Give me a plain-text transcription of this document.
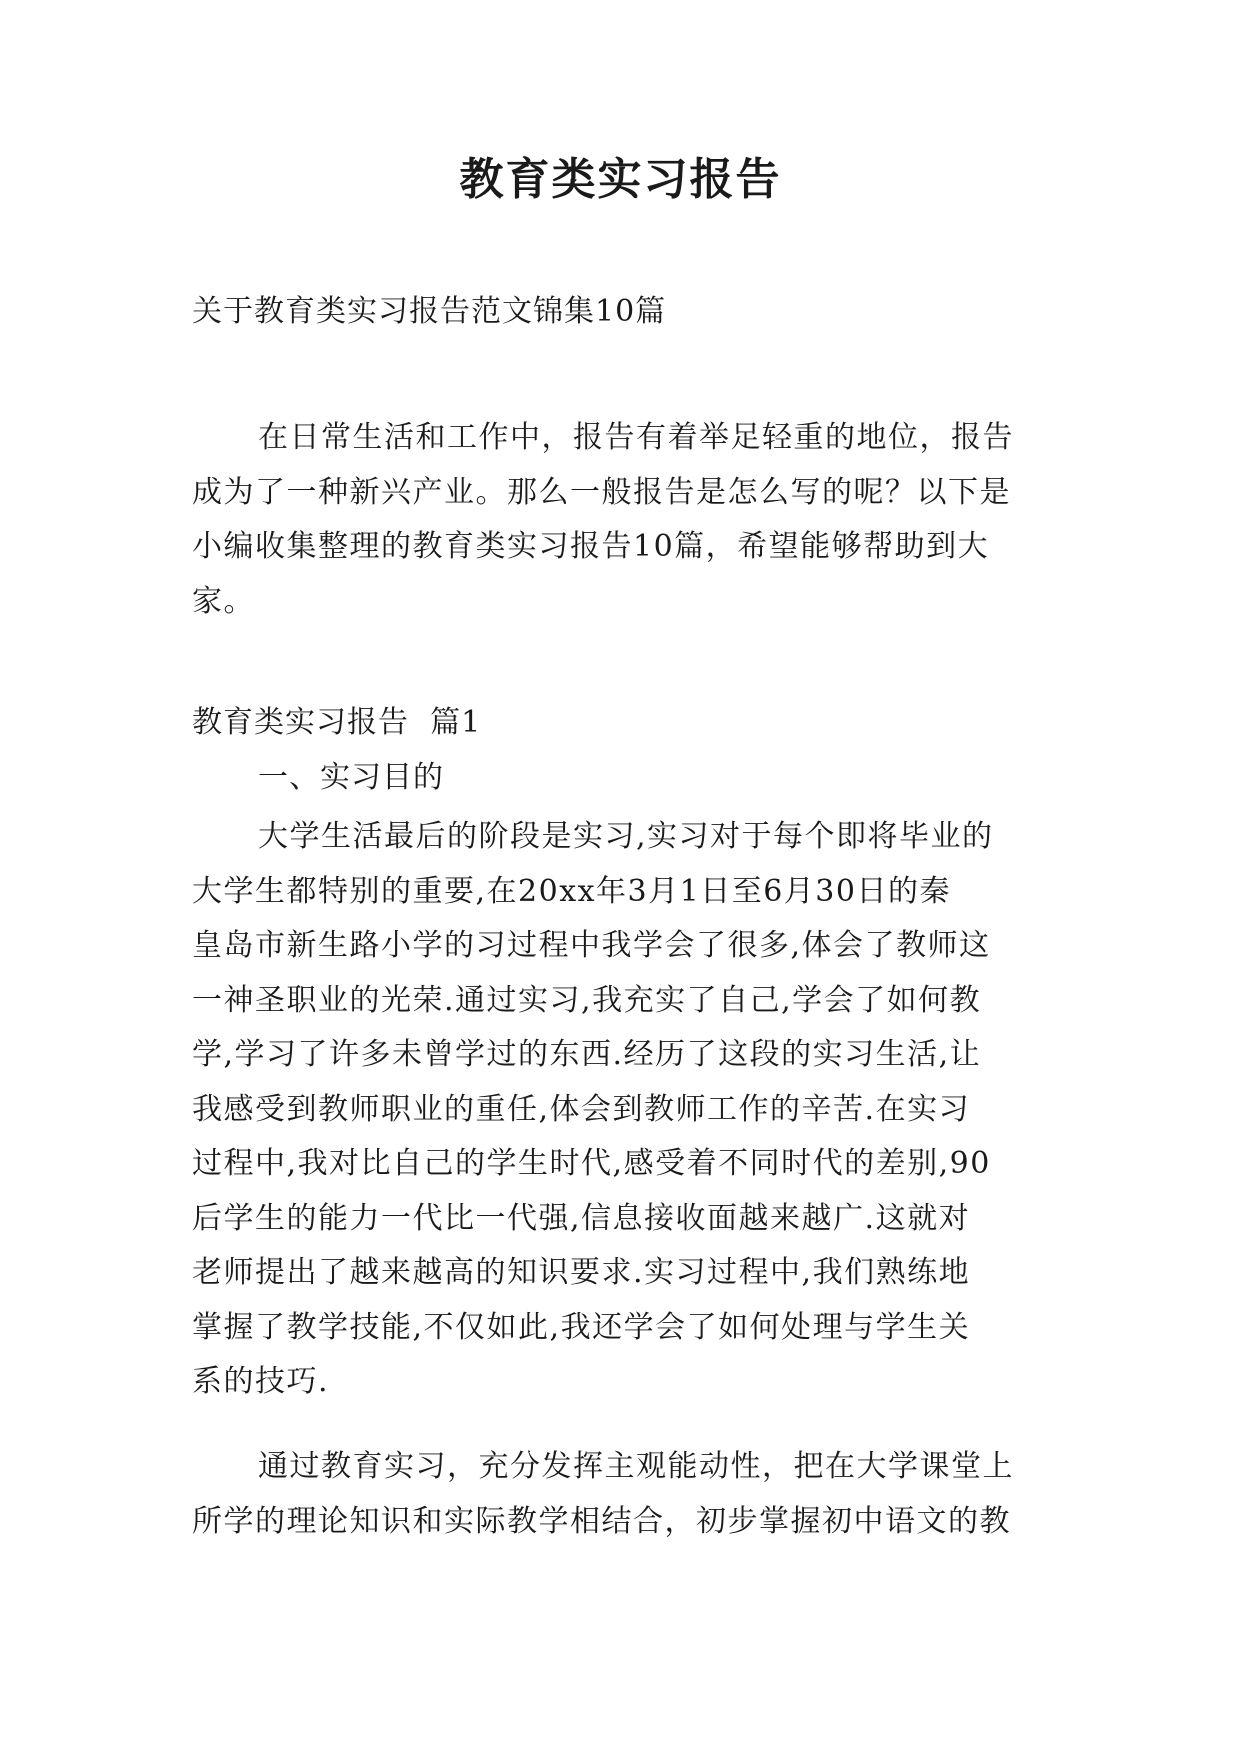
教育类实习报告
关于教育类实习报告范文锦集10篇
在日常生活和工作中，报告有着举足轻重的地位，报告
成为了一种新兴产业。那么一般报告是怎么写的呢？以下是
小编收集整理的教育类实习报告10篇，希望能够帮助到大
家。
教育类实习报告  篇1
一、实习目的
大学生活最后的阶段是实习,实习对于每个即将毕业的
大学生都特别的重要,在20xx年3月1日至6月30日的秦
皇岛市新生路小学的习过程中我学会了很多,体会了教师这
一神圣职业的光荣.通过实习,我充实了自己,学会了如何教
学,学习了许多未曾学过的东西.经历了这段的实习生活,让
我感受到教师职业的重任,体会到教师工作的辛苦.在实习
过程中,我对比自己的学生时代,感受着不同时代的差别,90
后学生的能力一代比一代强,信息接收面越来越广.这就对
老师提出了越来越高的知识要求.实习过程中,我们熟练地
掌握了教学技能,不仅如此,我还学会了如何处理与学生关
系的技巧.
通过教育实习，充分发挥主观能动性，把在大学课堂上
所学的理论知识和实际教学相结合，初步掌握初中语文的教
